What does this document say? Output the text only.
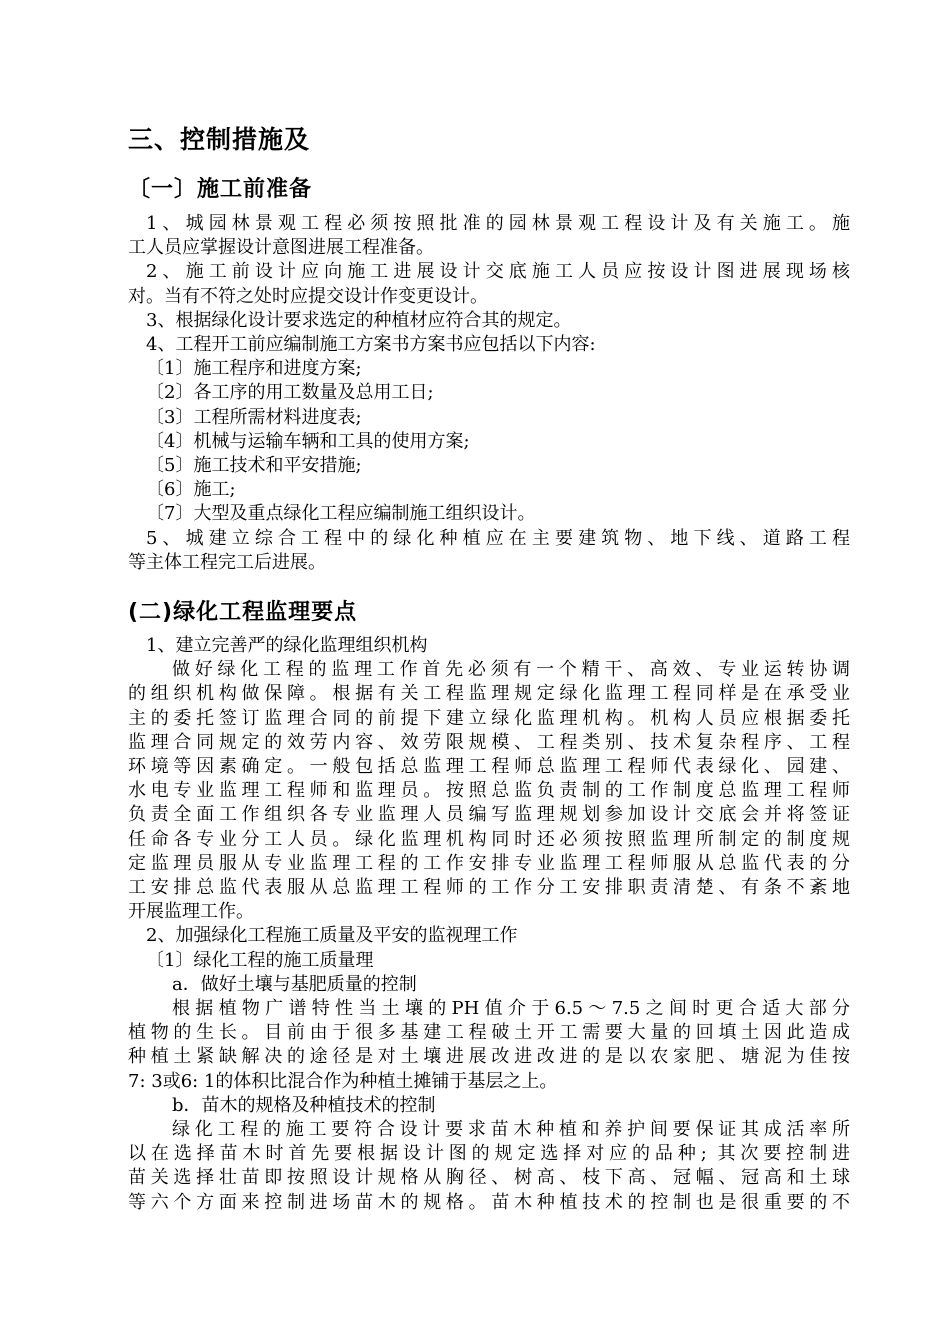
三、控制措施及
〔一〕施工前准备
1、城园林景观工程必须按照批准的园林景观工程设计及有关施工。施
工人员应掌握设计意图进展工程准备。
2、施工前设计应向施工进展设计交底施工人员应按设计图进展现场核
对。当有不符之处时应提交设计作变更设计。
3、根据绿化设计要求选定的种植材应符合其的规定。
4、工程开工前应编制施工方案书方案书应包括以下内容:
〔1〕施工程序和进度方案;
〔2〕各工序的用工数量及总用工日;
〔3〕工程所需材料进度表;
〔4〕机械与运输车辆和工具的使用方案;
〔5〕施工技术和平安措施;
〔6〕施工;
〔7〕大型及重点绿化工程应编制施工组织设计。
5、城建立综合工程中的绿化种植应在主要建筑物、地下线、道路工程
等主体工程完工后进展。
(二)绿化工程监理要点
1、建立完善严的绿化监理组织机构
做好绿化工程的监理工作首先必须有一个精干、高效、专业运转协调
的组织机构做保障。根据有关工程监理规定绿化监理工程同样是在承受业
主的委托签订监理合同的前提下建立绿化监理机构。机构人员应根据委托
监理合同规定的效劳内容、效劳限规模、工程类别、技术复杂程序、工程
环境等因素确定。一般包括总监理工程师总监理工程师代表绿化、园建、
水电专业监理工程师和监理员。按照总监负责制的工作制度总监理工程师
负责全面工作组织各专业监理人员编写监理规划参加设计交底会并将签证
任命各专业分工人员。绿化监理机构同时还必须按照监理所制定的制度规
定监理员服从专业监理工程的工作安排专业监理工程师服从总监代表的分
工安排总监代表服从总监理工程师的工作分工安排职责清楚、有条不紊地
开展监理工作。
2、加强绿化工程施工质量及平安的监视理工作
〔1〕绿化工程的施工质量理
a．做好土壤与基肥质量的控制
根据植物广谱特性当土壤的PH值介于6.5～7.5之间时更合适大部分
植物的生长。目前由于很多基建工程破土开工需要大量的回填土因此造成
种植土紧缺解决的途径是对土壤进展改进改进的是以农家肥、塘泥为佳按
7: 3或6: 1的体积比混合作为种植土摊铺于基层之上。
b．苗木的规格及种植技术的控制
绿化工程的施工要符合设计要求苗木种植和养护间要保证其成活率所
以在选择苗木时首先要根据设计图的规定选择对应的品种; 其次要控制进
苗关选择壮苗即按照设计规格从胸径、树高、枝下高、冠幅、冠高和土球
等六个方面来控制进场苗木的规格。苗木种植技术的控制也是很重要的不
